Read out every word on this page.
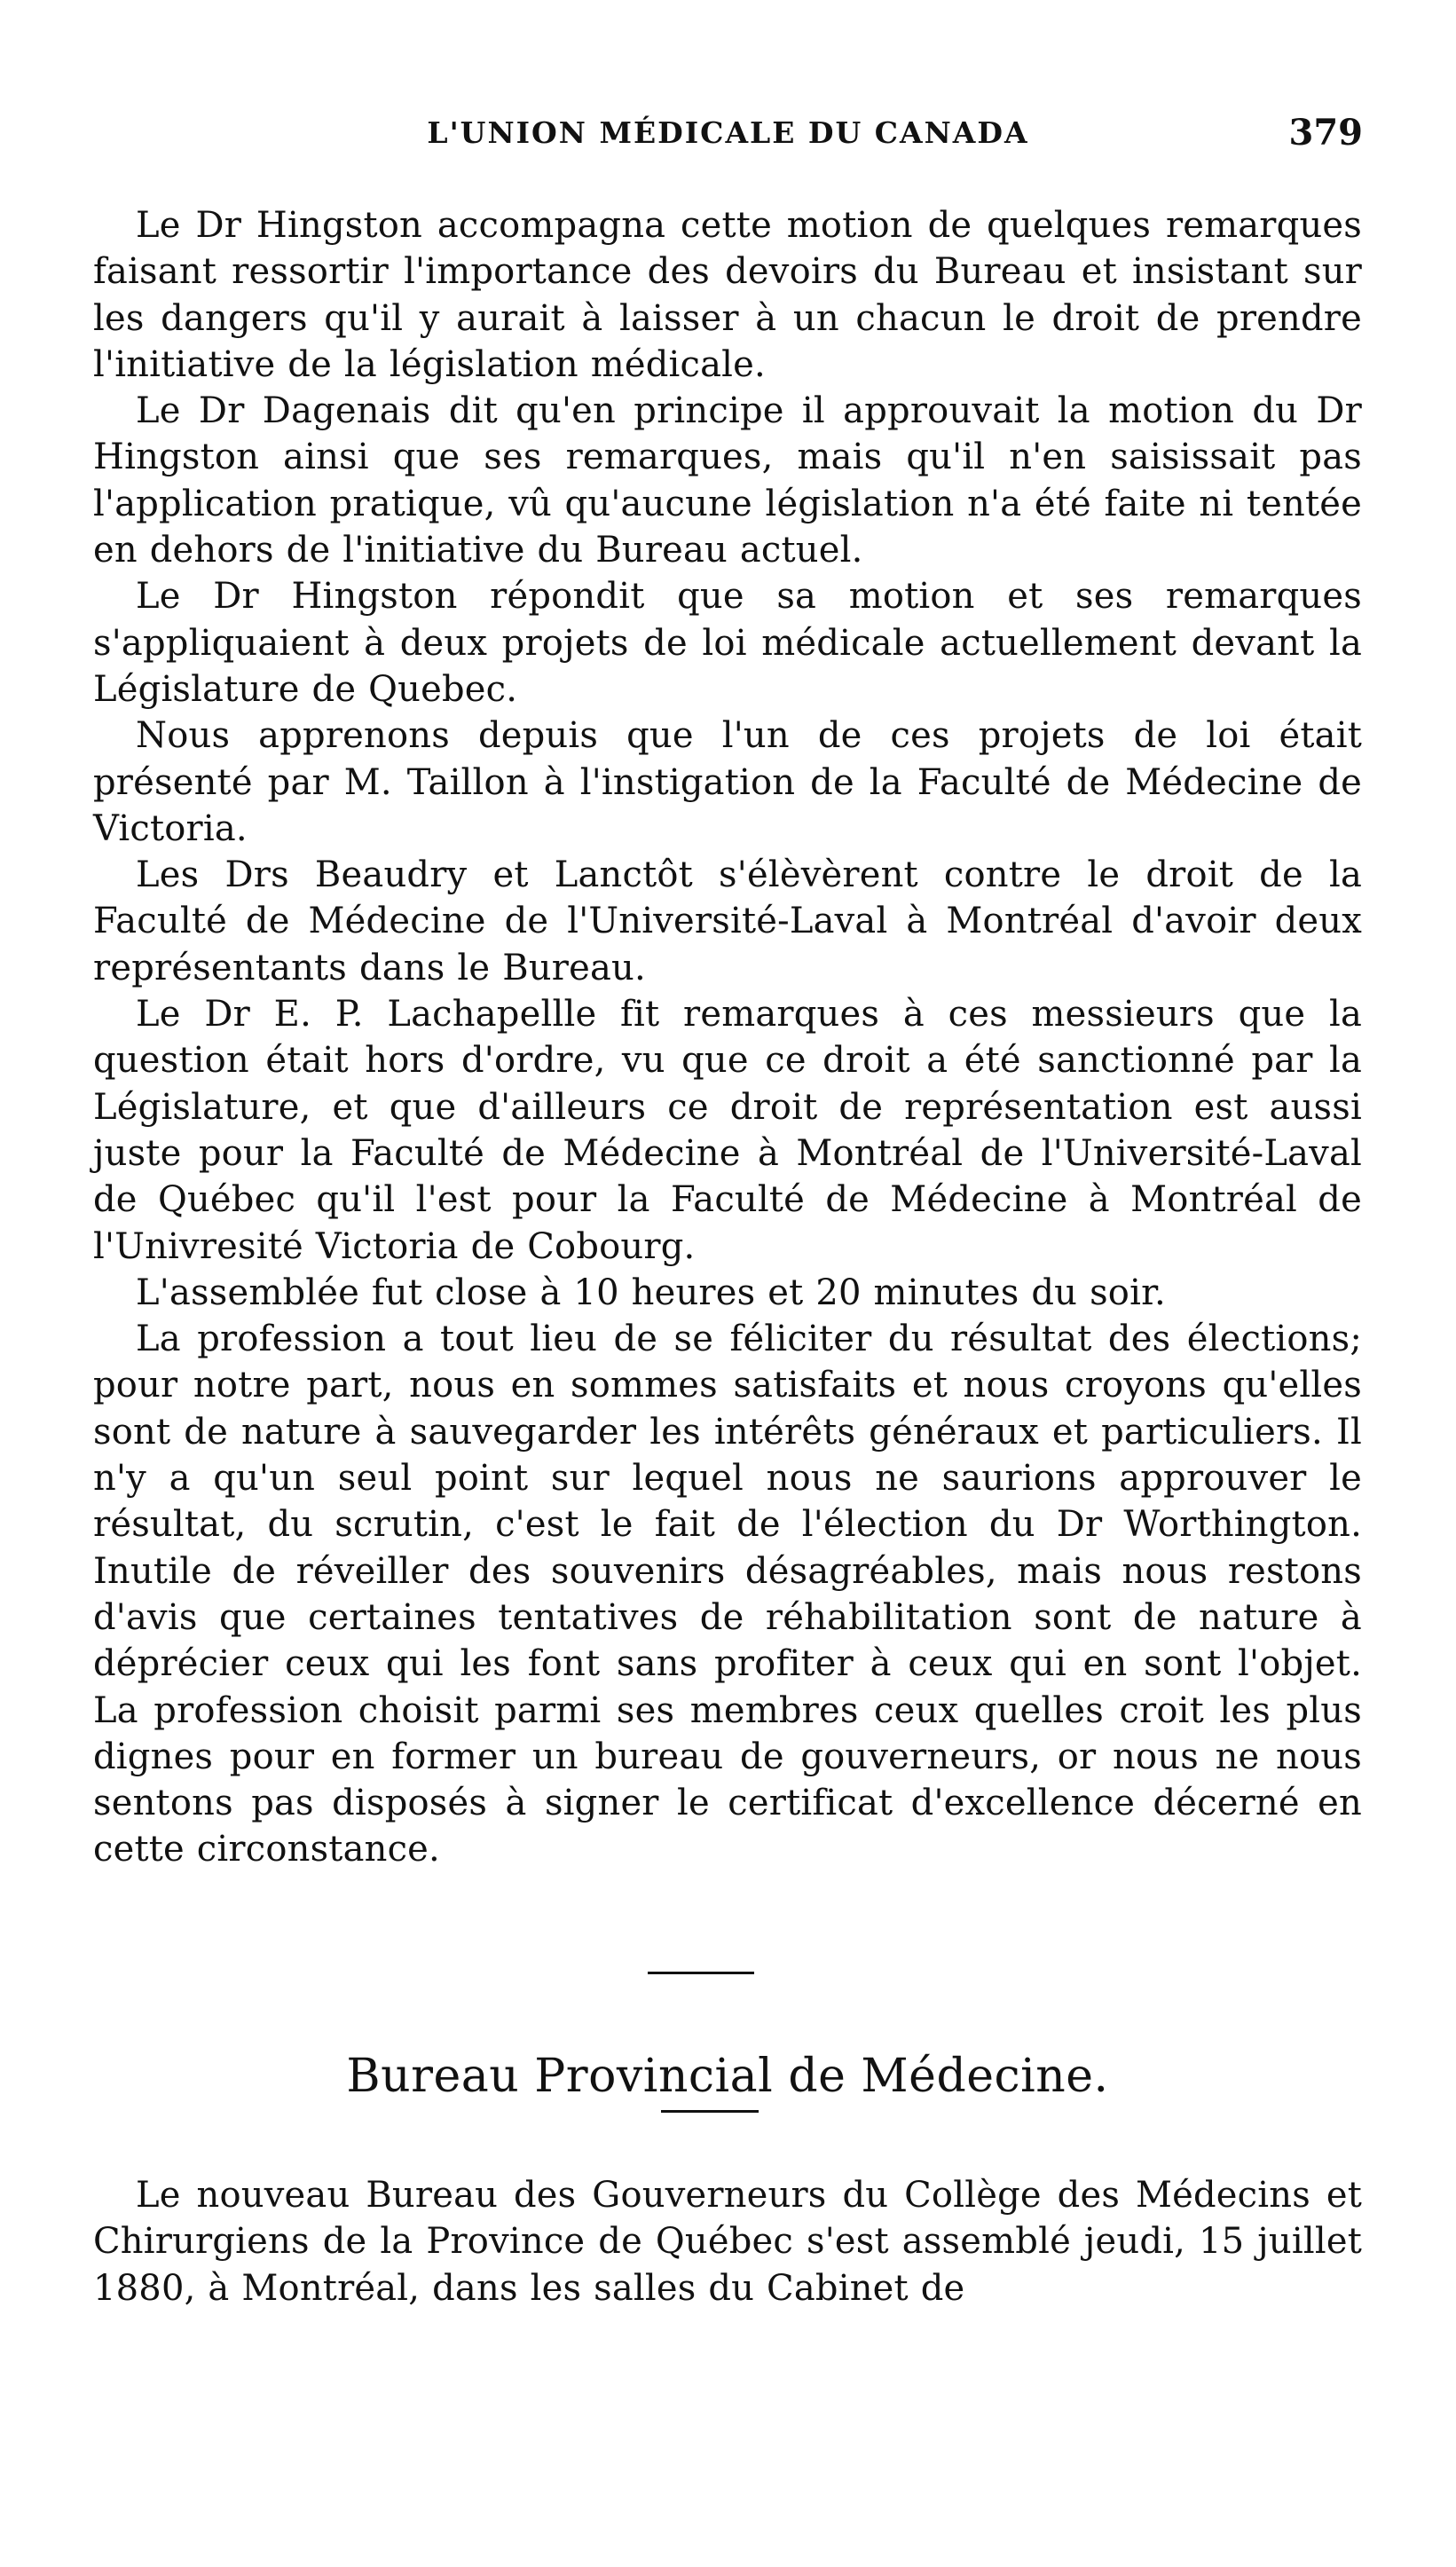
L'UNION MÉDICALE DU CANADA	379

Le Dr Hingston accompagna cette motion de quelques remarques faisant ressortir l'importance des devoirs du Bureau et insistant sur les dangers qu'il y aurait à laisser à un chacun le droit de prendre l'initiative de la législation médicale.

Le Dr Dagenais dit qu'en principe il approuvait la motion du Dr Hingston ainsi que ses remarques, mais qu'il n'en saisissait pas l'application pratique, vû qu'aucune législation n'a été faite ni tentée en dehors de l'initiative du Bureau actuel.

Le Dr Hingston répondit que sa motion et ses remarques s'appliquaient à deux projets de loi médicale actuellement devant la Législature de Quebec.

Nous apprenons depuis que l'un de ces projets de loi était présenté par M. Taillon à l'instigation de la Faculté de Médecine de Victoria.

Les Drs Beaudry et Lanctôt s'élèvèrent contre le droit de la Faculté de Médecine de l'Université-Laval à Montréal d'avoir deux représentants dans le Bureau.

Le Dr E. P. Lachapellle fit remarques à ces messieurs que la question était hors d'ordre, vu que ce droit a été sanctionné par la Législature, et que d'ailleurs ce droit de représentation est aussi juste pour la Faculté de Médecine à Montréal de l'Université-Laval de Québec qu'il l'est pour la Faculté de Médecine à Montréal de l'Univresité Victoria de Cobourg.

L'assemblée fut close à 10 heures et 20 minutes du soir.

La profession a tout lieu de se féliciter du résultat des élections; pour notre part, nous en sommes satisfaits et nous croyons qu'elles sont de nature à sauvegarder les intérêts généraux et particuliers. Il n'y a qu'un seul point sur lequel nous ne saurions approuver le résultat, du scrutin, c'est le fait de l'élection du Dr Worthington. Inutile de réveiller des souvenirs désagréables, mais nous restons d'avis que certaines tentatives de réhabilitation sont de nature à déprécier ceux qui les font sans profiter à ceux qui en sont l'objet. La profession choisit parmi ses membres ceux quelles croit les plus dignes pour en former un bureau de gouverneurs, or nous ne nous sentons pas disposés à signer le certificat d'excellence décerné en cette circonstance.

Bureau Provincial de Médecine.

Le nouveau Bureau des Gouverneurs du Collège des Médecins et Chirurgiens de la Province de Québec s'est assemblé jeudi, 15 juillet 1880, à Montréal, dans les salles du Cabinet de
